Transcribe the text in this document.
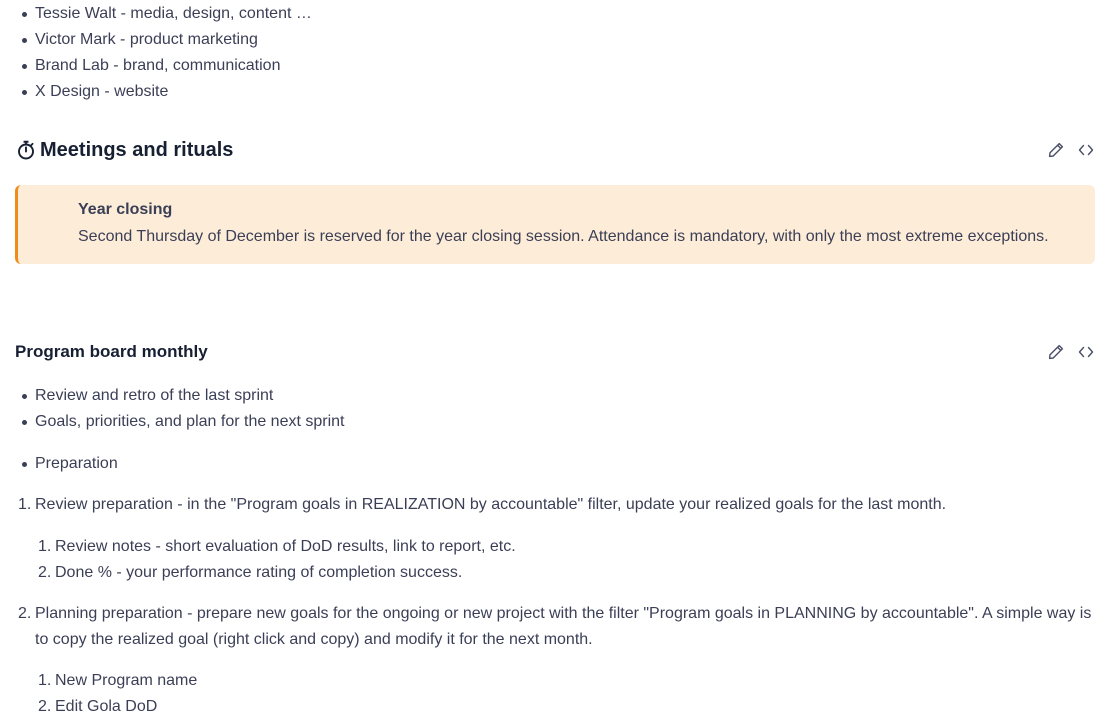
Tessie Walt - media, design, content …
Victor Mark - product marketing
Brand Lab - brand, communication
X Design - website
Meetings and rituals
Year closing
Second Thursday of December is reserved for the year closing session. Attendance is mandatory, with only the most extreme exceptions.
Program board monthly
Review and retro of the last sprint
Goals, priorities, and plan for the next sprint
Preparation
1. Review preparation - in the "Program goals in REALIZATION by accountable" filter, update your realized goals for the last month.
1. Review notes - short evaluation of DoD results, link to report, etc.
2. Done % - your performance rating of completion success.
2. Planning preparation - prepare new goals for the ongoing or new project with the filter "Program goals in PLANNING by accountable". A simple way is
to copy the realized goal (right click and copy) and modify it for the next month.
1. New Program name
2. Edit Gola DoD
